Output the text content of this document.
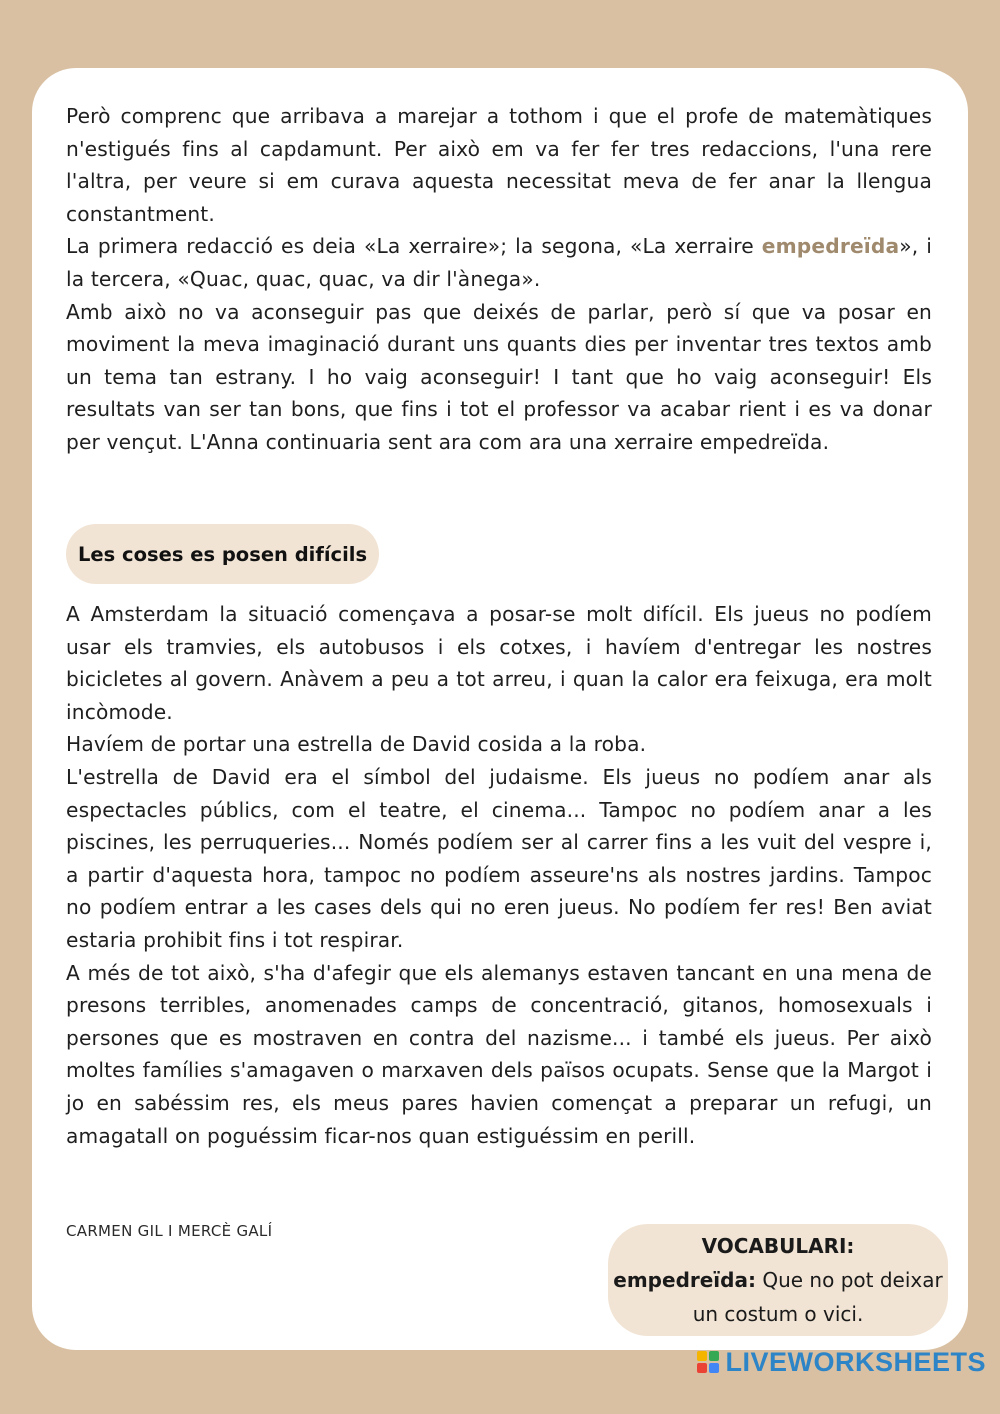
Però comprenc que arribava a marejar a tothom i que el profe de matemàtiques n'estigués fins al capdamunt. Per això em va fer fer tres redaccions, l'una rere l'altra, per veure si em curava aquesta necessitat meva de fer anar la llengua constantment.

La primera redacció es deia «La xerraire»; la segona, «La xerraire empedreïda», i la tercera, «Quac, quac, quac, va dir l'ànega».

Amb això no va aconseguir pas que deixés de parlar, però sí que va posar en moviment la meva imaginació durant uns quants dies per inventar tres textos amb un tema tan estrany. I ho vaig aconseguir! I tant que ho vaig aconseguir! Els resultats van ser tan bons, que fins i tot el professor va acabar rient i es va donar per vençut. L'Anna continuaria sent ara com ara una xerraire empedreïda.

Les coses es posen difícils

A Amsterdam la situació començava a posar-se molt difícil. Els jueus no podíem usar els tramvies, els autobusos i els cotxes, i havíem d'entregar les nostres bicicletes al govern. Anàvem a peu a tot arreu, i quan la calor era feixuga, era molt incòmode.

Havíem de portar una estrella de David cosida a la roba.

L'estrella de David era el símbol del judaisme. Els jueus no podíem anar als espectacles públics, com el teatre, el cinema... Tampoc no podíem anar a les piscines, les perruqueries... Només podíem ser al carrer fins a les vuit del vespre i, a partir d'aquesta hora, tampoc no podíem asseure'ns als nostres jardins. Tampoc no podíem entrar a les cases dels qui no eren jueus. No podíem fer res! Ben aviat estaria prohibit fins i tot respirar.

A més de tot això, s'ha d'afegir que els alemanys estaven tancant en una mena de presons terribles, anomenades camps de concentració, gitanos, homosexuals i persones que es mostraven en contra del nazisme... i també els jueus. Per això moltes famílies s'amagaven o marxaven dels països ocupats. Sense que la Margot i jo en sabéssim res, els meus pares havien començat a preparar un refugi, un amagatall on poguéssim ficar-nos quan estiguéssim en perill.

CARMEN GIL I MERCÈ GALÍ
VOCABULARI:
empedreïda: Que no pot deixar un costum o vici.
LIVEWORKSHEETS
